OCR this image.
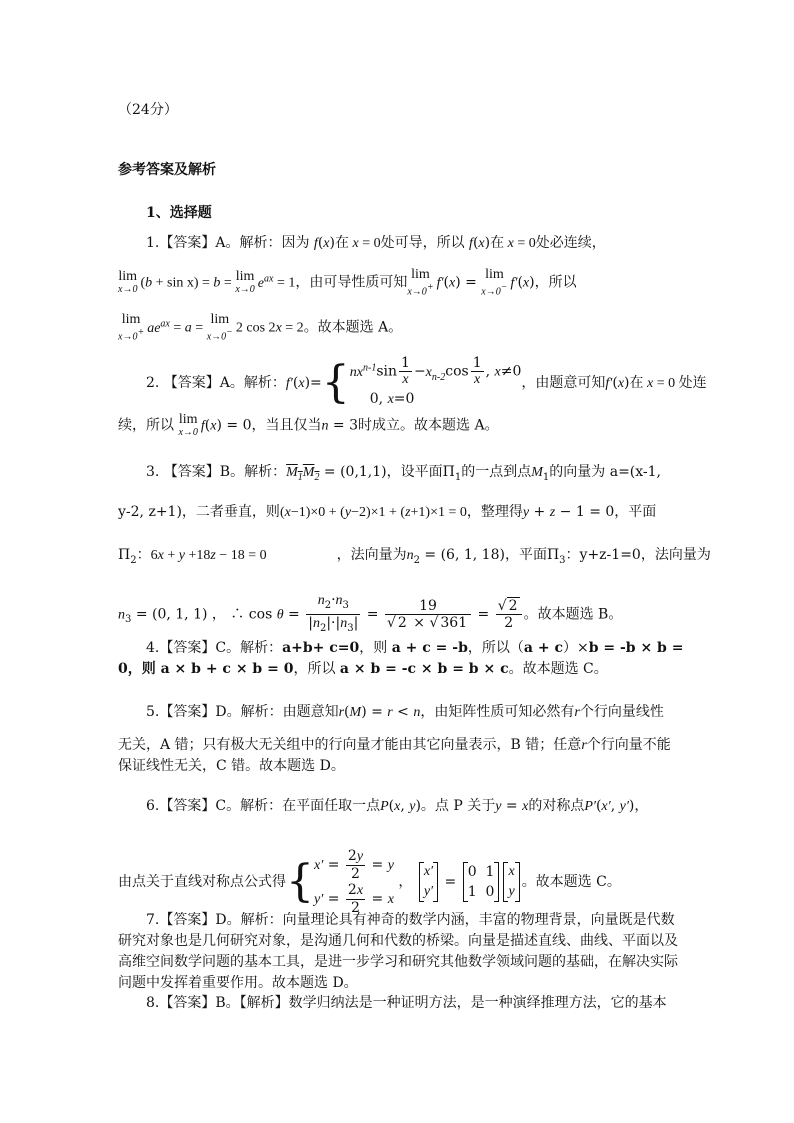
（24分）
参考答案及解析
1、选择题
1.【答案】A。解析：因为 f(x)在 x = 0处可导，所以 f(x)在 x = 0处必连续，
lim
x→0 (b + sin x) = b = lim
x→0 $e^{ax} = 1$，由可导性质可知
lim
x→0+ f′(x) =
lim
x→0− f′(x)，所以
lim
x→0+ $ae^{ax} = a$ =
lim
x→0− 2 cos 2x = 2。故本题选 A。
2. 【答案】A。解析：f′(x)={ $nx^{n-1}\sin \frac{1}{x} -x_{n-2}\cos \frac{1}{x}$ , x≠0
0, x=0
，由题意可知f′(x)在 x = 0 处连
续，所以 lim
x→0 f(x) = 0，当且仅当n = 3时成立。故本题选 A。
3. 【答案】B。解析：$M_1M_2 = (0,1,1)$，设平面$\Pi_1$的一点到点$M_1$的向量为 a=(x-1,
y-2, z+1)，二者垂直，则(x−1)×0 + (y−2)×1 + (z+1)×1 = 0，整理得y + z − 1 = 0，平面
$\Pi_2$：6x + y +18z − 18 = 0	，法向量为$n_2 = (6$, 1, 18)，平面$\Pi_3$：y+z-1=0，法向量为
$n_3 = (0$, 1, 1) ， ∴ $\cos \theta = \frac{n_2\cdot n_3}{|n_2|\cdot|n_3|} = \frac{19}{√ 2 \times √ 361} = \frac{√ 2}{2}$ 。故本题选 B。
4.【答案】C。解析：a+b+ c=0，则 a + c = -b，所以（a + c）×b = -b × b =
0，则 a × b + c × b = 0，所以 a × b = -c × b = b × c。故本题选 C。
5.【答案】D。解析：由题意知r(M) = r < n，由矩阵性质可知必然有r个行向量线性
无关，A 错；只有极大无关组中的行向量才能由其它向量表示，B 错；任意r个行向量不能
保证线性无关，C 错。故本题选 D。
6.【答案】C。解析：在平面任取一点P(x, y)。点 P 关于y = x的对称点P′(x′, y′)，
由点关于直线对称点公式得{ $x' = \frac{2y}{2} = y$
$y' = \frac{2x}{2} = x$
，
x′
y′
=
0  1
1  0
x
y
。故本题选 C。
7.【答案】D。解析：向量理论具有神奇的数学内涵，丰富的物理背景，向量既是代数研究对象也是几何研究对象，是沟通几何和代数的桥梁。向量是描述直线、曲线、平面以及高维空间数学问题的基本工具，是进一步学习和研究其他数学领域问题的基础，在解决实际问题中发挥着重要作用。故本题选 D。
8.【答案】B。【解析】数学归纳法是一种证明方法，是一种演绎推理方法，它的基本
